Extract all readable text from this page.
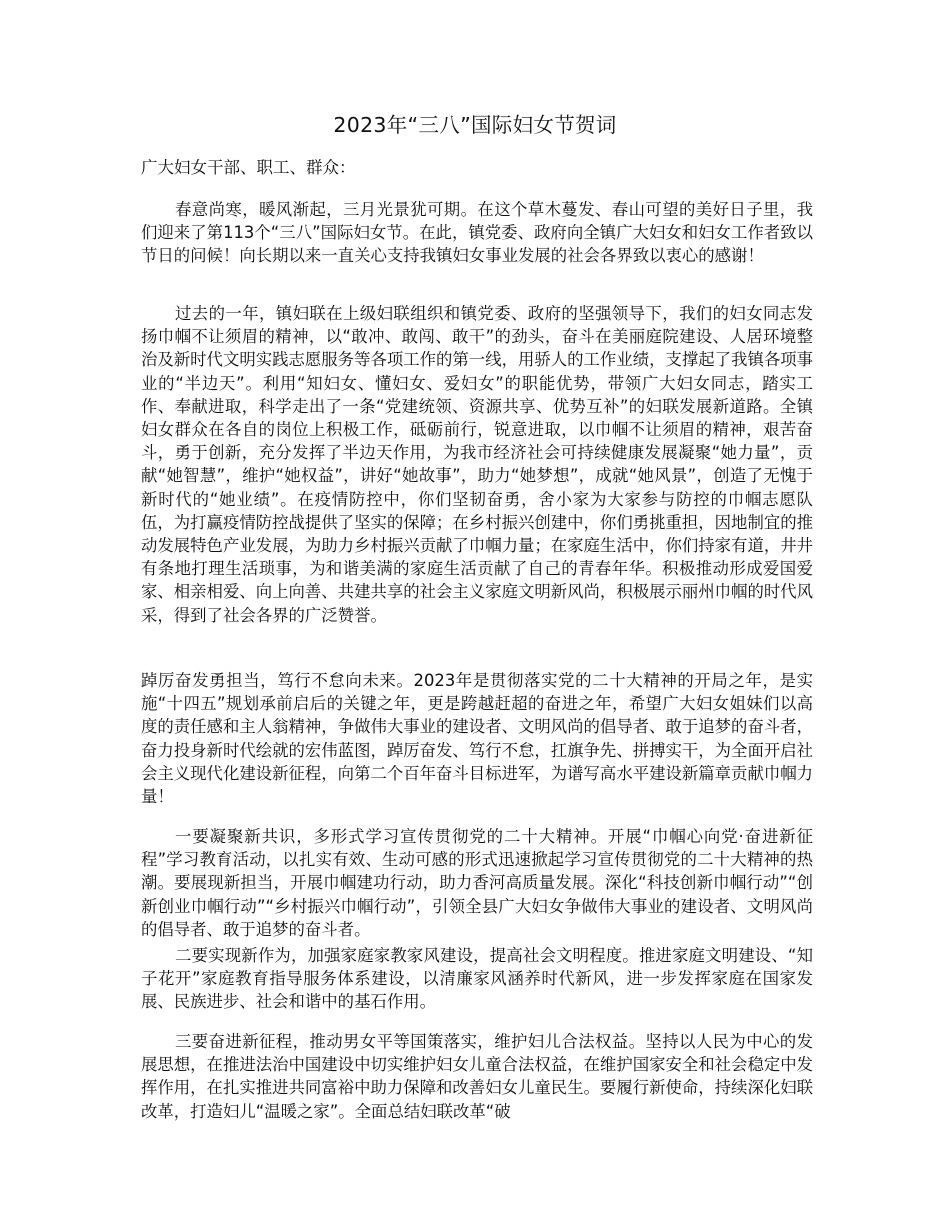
2023年“三八”国际妇女节贺词
广大妇女干部、职工、群众：

春意尚寒，暖风渐起，三月光景犹可期。在这个草木蔓发、春山可望的美好日子里，我们迎来了第113个“三八”国际妇女节。在此，镇党委、政府向全镇广大妇女和妇女工作者致以节日的问候！向长期以来一直关心支持我镇妇女事业发展的社会各界致以衷心的感谢！

过去的一年，镇妇联在上级妇联组织和镇党委、政府的坚强领导下，我们的妇女同志发扬巾帼不让须眉的精神，以“敢冲、敢闯、敢干”的劲头，奋斗在美丽庭院建设、人居环境整治及新时代文明实践志愿服务等各项工作的第一线，用骄人的工作业绩，支撑起了我镇各项事业的“半边天”。利用“知妇女、懂妇女、爱妇女”的职能优势，带领广大妇女同志，踏实工作、奉献进取，科学走出了一条“党建统领、资源共享、优势互补”的妇联发展新道路。全镇妇女群众在各自的岗位上积极工作，砥砺前行，锐意进取，以巾帼不让须眉的精神，艰苦奋斗，勇于创新，充分发挥了半边天作用，为我市经济社会可持续健康发展凝聚“她力量”，贡献“她智慧”，维护“她权益”，讲好“她故事”，助力“她梦想”，成就“她风景”，创造了无愧于新时代的“她业绩”。在疫情防控中，你们坚韧奋勇，舍小家为大家参与防控的巾帼志愿队伍，为打赢疫情防控战提供了坚实的保障；在乡村振兴创建中，你们勇挑重担，因地制宜的推动发展特色产业发展，为助力乡村振兴贡献了巾帼力量；在家庭生活中，你们持家有道，井井有条地打理生活琐事，为和谐美满的家庭生活贡献了自己的青春年华。积极推动形成爱国爱家、相亲相爱、向上向善、共建共享的社会主义家庭文明新风尚，积极展示丽州巾帼的时代风采，得到了社会各界的广泛赞誉。

踔厉奋发勇担当，笃行不怠向未来。2023年是贯彻落实党的二十大精神的开局之年，是实施“十四五”规划承前启后的关键之年，更是跨越赶超的奋进之年，希望广大妇女姐妹们以高度的责任感和主人翁精神，争做伟大事业的建设者、文明风尚的倡导者、敢于追梦的奋斗者，奋力投身新时代绘就的宏伟蓝图，踔厉奋发、笃行不怠，扛旗争先、拼搏实干，为全面开启社会主义现代化建设新征程，向第二个百年奋斗目标进军，为谱写高水平建设新篇章贡献巾帼力量！

一要凝聚新共识，多形式学习宣传贯彻党的二十大精神。开展“巾帼心向党·奋进新征程”学习教育活动，以扎实有效、生动可感的形式迅速掀起学习宣传贯彻党的二十大精神的热潮。要展现新担当，开展巾帼建功行动，助力香河高质量发展。深化“科技创新巾帼行动”“创新创业巾帼行动”“乡村振兴巾帼行动”，引领全县广大妇女争做伟大事业的建设者、文明风尚的倡导者、敢于追梦的奋斗者。

二要实现新作为，加强家庭家教家风建设，提高社会文明程度。推进家庭文明建设、“知子花开”家庭教育指导服务体系建设，以清廉家风涵养时代新风，进一步发挥家庭在国家发展、民族进步、社会和谐中的基石作用。

三要奋进新征程，推动男女平等国策落实，维护妇儿合法权益。坚持以人民为中心的发展思想，在推进法治中国建设中切实维护妇女儿童合法权益，在维护国家安全和社会稳定中发挥作用，在扎实推进共同富裕中助力保障和改善妇女儿童民生。要履行新使命，持续深化妇联改革，打造妇儿“温暖之家”。全面总结妇联改革“破
